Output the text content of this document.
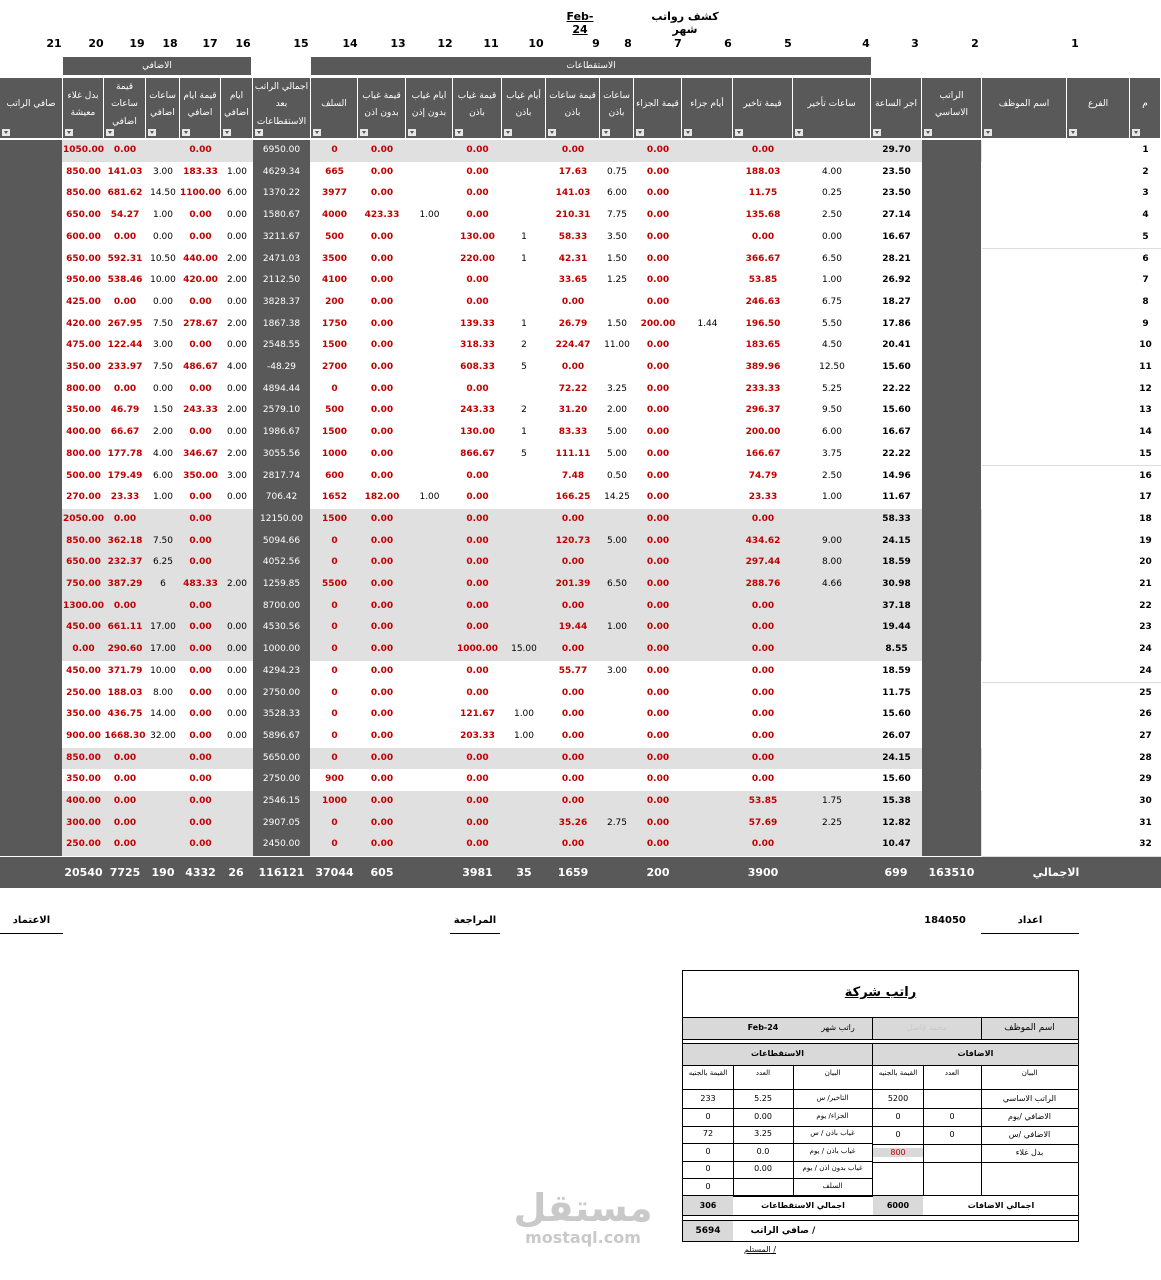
Feb-24
كشف رواتب شهر
1
2
3
4
5
6
7
8
9
10
11
12
13
14
15
16
17
18
19
20
21
الاستقطاعات
الاضافي
م
الفرع
اسم الموظف
الراتب الاساسي
اجر الساعة
ساعات تأخير
قيمة تاخير
أيام جزاء
قيمة الجزاء
ساعات باذن
قيمة ساعات باذن
أيام غياب باذن
قيمة غياب باذن
ايام غياب بدون إذن
قيمة غياب بدون اذن
السلف
اجمالي الراتب بعد الاستقطاعات
ايام اضافي
قيمة ايام اضافي
ساعات اضافي
قيمة ساعات اضافي
بدل غلاء معيشة
صافي الراتب
1
29.70
0.00
0.00
0.00
0.00
0.00
0
6950.00
0.00
0.00
1050.00
2
23.50
4.00
188.03
0.00
0.75
17.63
0.00
0.00
665
4629.34
1.00
183.33
3.00
141.03
850.00
3
23.50
0.25
11.75
0.00
6.00
141.03
0.00
0.00
3977
1370.22
6.00
1100.00
14.50
681.62
850.00
4
27.14
2.50
135.68
0.00
7.75
210.31
0.00
1.00
423.33
4000
1580.67
0.00
0.00
1.00
54.27
650.00
5
16.67
0.00
0.00
0.00
3.50
58.33
1
130.00
0.00
500
3211.67
0.00
0.00
0.00
0.00
600.00
6
28.21
6.50
366.67
0.00
1.50
42.31
1
220.00
0.00
3500
2471.03
2.00
440.00
10.50
592.31
650.00
7
26.92
1.00
53.85
0.00
1.25
33.65
0.00
0.00
4100
2112.50
2.00
420.00
10.00
538.46
950.00
8
18.27
6.75
246.63
0.00
0.00
0.00
0.00
200
3828.37
0.00
0.00
0.00
0.00
425.00
9
17.86
5.50
196.50
1.44
200.00
1.50
26.79
1
139.33
0.00
1750
1867.38
2.00
278.67
7.50
267.95
420.00
10
20.41
4.50
183.65
0.00
11.00
224.47
2
318.33
0.00
1500
2548.55
0.00
0.00
3.00
122.44
475.00
11
15.60
12.50
389.96
0.00
0.00
5
608.33
0.00
2700
-48.29
4.00
486.67
7.50
233.97
350.00
12
22.22
5.25
233.33
0.00
3.25
72.22
0.00
0.00
0
4894.44
0.00
0.00
0.00
0.00
800.00
13
15.60
9.50
296.37
0.00
2.00
31.20
2
243.33
0.00
500
2579.10
2.00
243.33
1.50
46.79
350.00
14
16.67
6.00
200.00
0.00
5.00
83.33
1
130.00
0.00
1500
1986.67
0.00
0.00
2.00
66.67
400.00
15
22.22
3.75
166.67
0.00
5.00
111.11
5
866.67
0.00
1000
3055.56
2.00
346.67
4.00
177.78
800.00
16
14.96
2.50
74.79
0.00
0.50
7.48
0.00
0.00
600
2817.74
3.00
350.00
6.00
179.49
500.00
17
11.67
1.00
23.33
0.00
14.25
166.25
0.00
1.00
182.00
1652
706.42
0.00
0.00
1.00
23.33
270.00
18
58.33
0.00
0.00
0.00
0.00
0.00
1500
12150.00
0.00
0.00
2050.00
19
24.15
9.00
434.62
0.00
5.00
120.73
0.00
0.00
0
5094.66
0.00
7.50
362.18
850.00
20
18.59
8.00
297.44
0.00
0.00
0.00
0.00
0
4052.56
0.00
6.25
232.37
650.00
21
30.98
4.66
288.76
0.00
6.50
201.39
0.00
0.00
5500
1259.85
2.00
483.33
6
387.29
750.00
22
37.18
0.00
0.00
0.00
0.00
0.00
0
8700.00
0.00
0.00
1300.00
23
19.44
0.00
0.00
1.00
19.44
0.00
0.00
0
4530.56
0.00
0.00
17.00
661.11
450.00
24
8.55
0.00
0.00
0.00
15.00
1000.00
0.00
0
1000.00
0.00
0.00
17.00
290.60
0.00
24
18.59
0.00
0.00
3.00
55.77
0.00
0.00
0
4294.23
0.00
0.00
10.00
371.79
450.00
25
11.75
0.00
0.00
0.00
0.00
0.00
0
2750.00
0.00
0.00
8.00
188.03
250.00
26
15.60
0.00
0.00
0.00
1.00
121.67
0.00
0
3528.33
0.00
0.00
14.00
436.75
350.00
27
26.07
0.00
0.00
0.00
1.00
203.33
0.00
0
5896.67
0.00
0.00
32.00
1668.30
900.00
28
24.15
0.00
0.00
0.00
0.00
0.00
0
5650.00
0.00
0.00
850.00
29
15.60
0.00
0.00
0.00
0.00
0.00
900
2750.00
0.00
0.00
350.00
30
15.38
1.75
53.85
0.00
0.00
0.00
0.00
1000
2546.15
0.00
0.00
400.00
31
12.82
2.25
57.69
0.00
2.75
35.26
0.00
0.00
0
2907.05
0.00
0.00
300.00
32
10.47
0.00
0.00
0.00
0.00
0.00
0
2450.00
0.00
0.00
250.00
الاجمالي
163510
699
3900
200
1659
35
3981
605
37044
116121
26
4332
190
7725
20540
اعداد
184050
المراجعة
الاعتماد
راتب شركة
اسم الموظف
محمد فاضل
راتب شهر
Feb-24
الاضافات
الاستقطاعات
البيان
العدد
القيمة بالجنيه
البيان
العدد
القيمة بالجنيه
الراتب الاساسي
5200
الاضافي /يوم
0
0
الاضافي /س
0
0
بدل غلاء
800
التأخير/ س
5.25
233
الجزاء/ يوم
0.00
0
غياب باذن / س
3.25
72
غياب باذن / يوم
0.0
0
غياب بدون اذن / يوم
0.00
0
السلف
0
اجمالي الاضافات
6000
اجمالي الاستقطاعات
306
5694	صافي الراتب /
المستلم /
مستقل
mostaql.com
